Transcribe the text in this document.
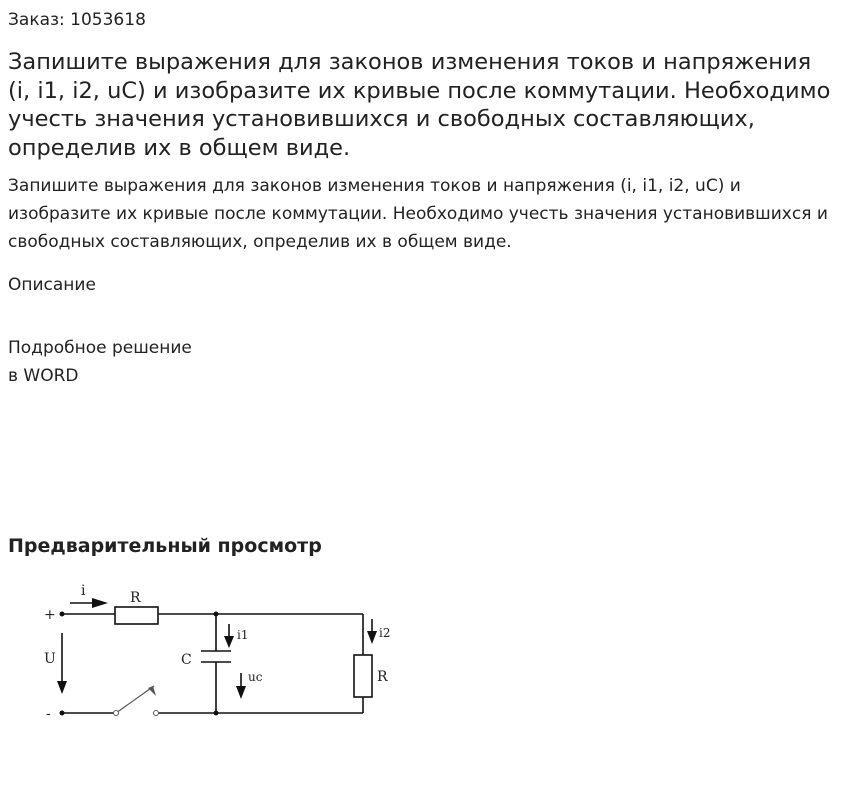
Заказ: 1053618
Запишите выражения для законов изменения токов и напряжения (i, i1, i2, uC) и изобразите их кривые после коммутации. Необходимо учесть значения установившихся и свободных составляющих, определив их в общем виде.

Запишите выражения для законов изменения токов и напряжения (i, i1, i2, uC) и изобразите их кривые после коммутации. Необходимо учесть значения установившихся и свободных составляющих, определив их в общем виде.

Описание
Подробное решение
в WORD
Предварительный просмотр
+
-
U
i	R
C
i1
uc
i2
R
